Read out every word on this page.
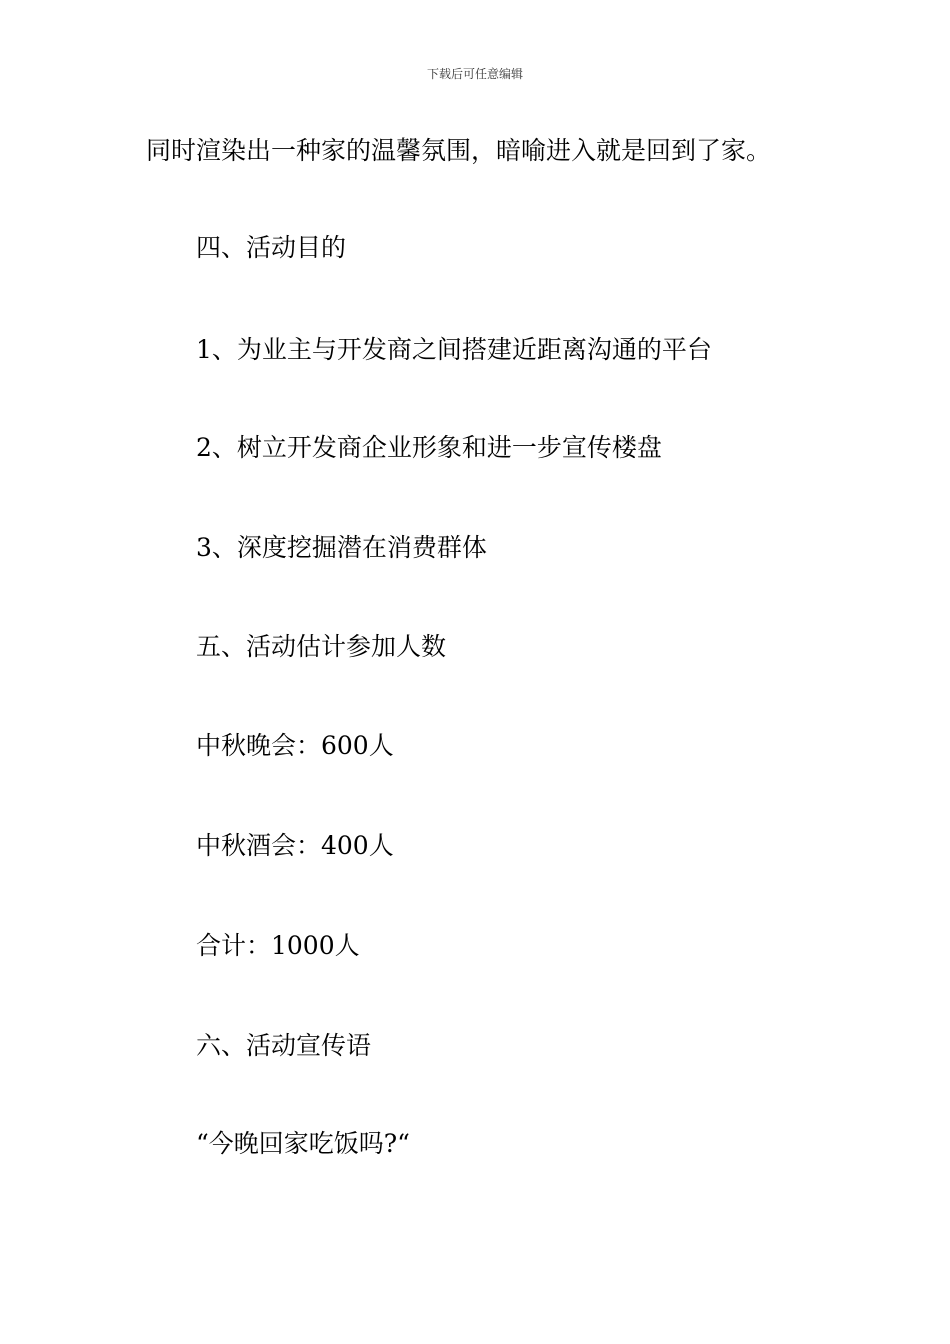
下载后可任意编辑
同时渲染出一种家的温馨氛围，暗喻进入就是回到了家。
四、活动目的
1、为业主与开发商之间搭建近距离沟通的平台
2、树立开发商企业形象和进一步宣传楼盘
3、深度挖掘潜在消费群体
五、活动估计参加人数
中秋晚会：600人
中秋酒会：400人
合计：1000人
六、活动宣传语
“今晚回家吃饭吗?“
